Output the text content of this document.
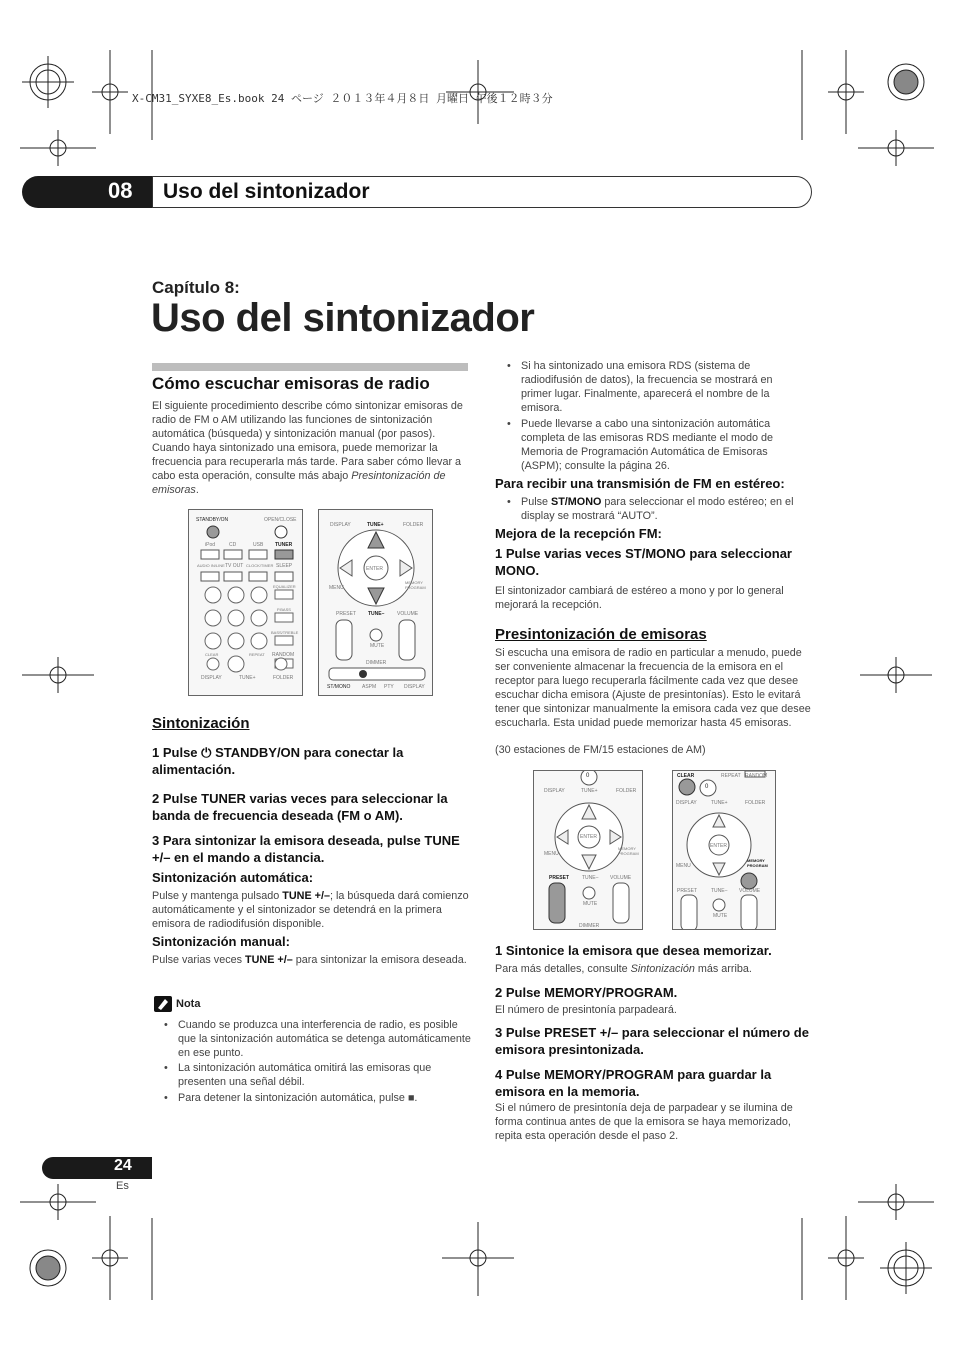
X-CM31_SYXE8_Es.book 24 ページ ２０１３年４月８日 月曜日 午後１２時３分
08 Uso del sintonizador
Capítulo 8:
Uso del sintonizador
Cómo escuchar emisoras de radio
El siguiente procedimiento describe cómo sintonizar emisoras de radio de FM o AM utilizando las funciones de sintonización automática (búsqueda) y sintonización manual (por pasos). Cuando haya sintonizado una emisora, puede memorizar la frecuencia para recuperarla más tarde. Para saber cómo llevar a cabo esta operación, consulte más abajo Presintonización de emisoras.
STANDBY/ON	OPEN/CLOSE
iPod	CD	USB TUNER
AUDIO IN/LINE TV OUT CLOCK/TIMER SLEEP
EQUALIZER
P.BASS
BASS/TREBLE
CLEAR	REPEAT RANDOM
DISPLAY	TUNE+	FOLDER
DISPLAY	TUNE+	FOLDER
MENU
ENTER
MEMORY PROGRAM
PRESET TUNE–	VOLUME
MUTE
DIMMER
ST/MONO ASPM PTY DISPLAY
Sintonización
1 Pulse ⏻ STANDBY/ON para conectar la alimentación.
2 Pulse TUNER varias veces para seleccionar la banda de frecuencia deseada (FM o AM).
3 Para sintonizar la emisora deseada, pulse TUNE +/– en el mando a distancia.
Sintonización automática:
Pulse y mantenga pulsado TUNE +/–; la búsqueda dará comienzo automáticamente y el sintonizador se detendrá en la primera emisora de radiodifusión disponible.
Sintonización manual:
Pulse varias veces TUNE +/– para sintonizar la emisora deseada.
Nota
• Cuando se produzca una interferencia de radio, es posible que la sintonización automática se detenga automáticamente en ese punto.
• La sintonización automática omitirá las emisoras que presenten una señal débil.
• Para detener la sintonización automática, pulse ■.
• Si ha sintonizado una emisora RDS (sistema de radiodifusión de datos), la frecuencia se mostrará en primer lugar. Finalmente, aparecerá el nombre de la emisora.
• Puede llevarse a cabo una sintonización automática completa de las emisoras RDS mediante el modo de Memoria de Programación Automática de Emisoras (ASPM); consulte la página 26.
Para recibir una transmisión de FM en estéreo:
• Pulse ST/MONO para seleccionar el modo estéreo; en el display se mostrará “AUTO”.
Mejora de la recepción FM:
1 Pulse varias veces ST/MONO para seleccionar MONO.
El sintonizador cambiará de estéreo a mono y por lo general mejorará la recepción.
Presintonización de emisoras
Si escucha una emisora de radio en particular a menudo, puede ser conveniente almacenar la frecuencia de la emisora en el receptor para luego recuperarla fácilmente cada vez que desee escuchar dicha emisora (Ajuste de presintonías). Esto le evitará tener que sintonizar manualmente la emisora cada vez que desee escucharla. Esta unidad puede memorizar hasta 45 emisoras.
(30 estaciones de FM/15 estaciones de AM)
0
DISPLAY	TUNE+	FOLDER
MENU
ENTER
MEMORY PROGRAM
PRESET	TUNE– VOLUME
MUTE
DIMMER
CLEAR	REPEAT RANDOM
0
DISPLAY	TUNE+	FOLDER
MENU
ENTER
MEMORY PROGRAM
PRESET	TUNE– VOLUME
MUTE
1 Sintonice la emisora que desea memorizar.
Para más detalles, consulte Sintonización más arriba.
2 Pulse MEMORY/PROGRAM.
El número de presintonía parpadeará.
3 Pulse PRESET +/– para seleccionar el número de emisora presintonizada.
4 Pulse MEMORY/PROGRAM para guardar la emisora en la memoria.
Si el número de presintonía deja de parpadear y se ilumina de forma continua antes de que la emisora se haya memorizado, repita esta operación desde el paso 2.
24
Es
